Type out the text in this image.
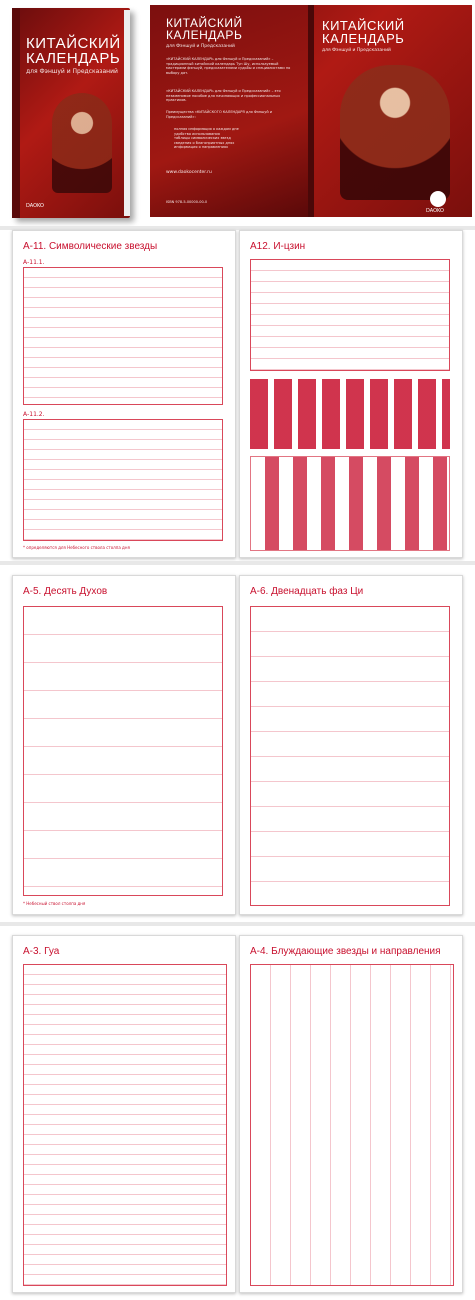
КИТАЙСКИЙ
КАЛЕНДАРЬ
для Фэншуй и Предсказаний
DAOKO
КИТАЙСКИЙ КАЛЕНДАРЬ
для Фэншуй и Предсказаний
«КИТАЙСКИЙ КАЛЕНДАРЬ для Фэншуй и Предсказаний» – традиционный китайский календарь Тун Шу, используемый мастерами фэншуй, предсказателями судьбы и специалистами по выбору дат.
«КИТАЙСКИЙ КАЛЕНДАРЬ для Фэншуй и Предсказаний» – это незаменимое пособие для начинающих и профессиональных практиков.
Преимущества «КИТАЙСКОГО КАЛЕНДАРЯ для Фэншуй и Предсказаний»:
полная информация о каждом дне
удобство использования
таблицы символических звезд
сведения о благоприятных днях
информация о направлениях
www.daokocenter.ru
ISBN 978-5-00000-00-0
КИТАЙСКИЙ
КАЛЕНДАРЬ
для Фэншуй и Предсказаний
DAOKO
А-11. Символические звезды
А-11.1.
А-11.2.
* определяются для Небесного ствола столпа дня
А12. И-цзин
А-5. Десять Духов
* Небесный ствол столпа дня
А-6. Двенадцать фаз Ци
А-3. Гуа	А-4. Блуждающие звезды и направления
